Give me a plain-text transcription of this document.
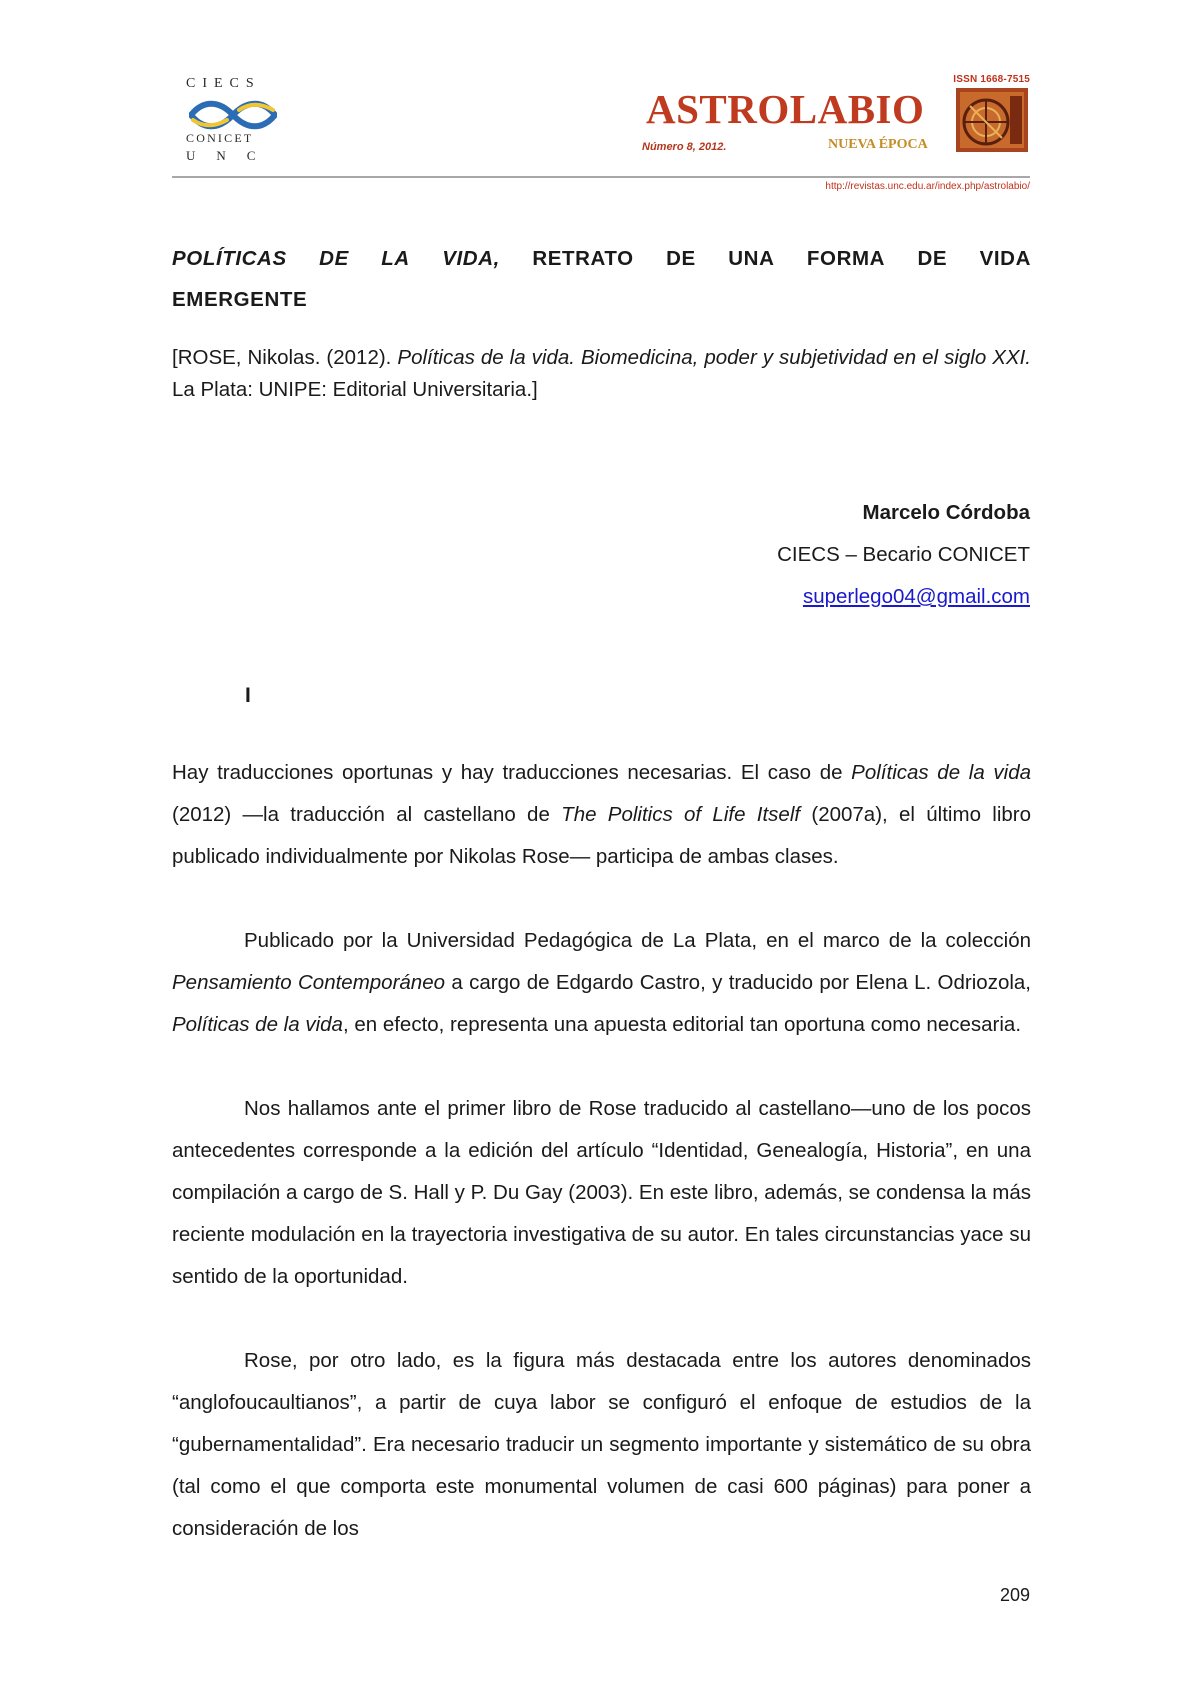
CIECS
CONICET
UNC
ISSN 1668-7515
ASTROLABIO
Número 8, 2012.	NUEVA ÉPOCA
http://revistas.unc.edu.ar/index.php/astrolabio/
POLÍTICAS DE LA VIDA, RETRATO DE UNA FORMA DE VIDA
EMERGENTE
[ROSE, Nikolas. (2012). Políticas de la vida. Biomedicina, poder y subjetividad en el siglo XXI. La Plata: UNIPE: Editorial Universitaria.]
Marcelo Córdoba
CIECS – Becario CONICET
superlego04@gmail.com
I
Hay traducciones oportunas y hay traducciones necesarias. El caso de Políticas de la vida (2012) —la traducción al castellano de The Politics of Life Itself (2007a), el último libro publicado individualmente por Nikolas Rose— participa de ambas clases.
Publicado por la Universidad Pedagógica de La Plata, en el marco de la colección Pensamiento Contemporáneo a cargo de Edgardo Castro, y traducido por Elena L. Odriozola, Políticas de la vida, en efecto, representa una apuesta editorial tan oportuna como necesaria.
Nos hallamos ante el primer libro de Rose traducido al castellano—uno de los pocos antecedentes corresponde a la edición del artículo “Identidad, Genealogía, Historia”, en una compilación a cargo de S. Hall y P. Du Gay (2003). En este libro, además, se condensa la más reciente modulación en la trayectoria investigativa de su autor. En tales circunstancias yace su sentido de la oportunidad.
Rose, por otro lado, es la figura más destacada entre los autores denominados “anglofoucaultianos”, a partir de cuya labor se configuró el enfoque de estudios de la “gubernamentalidad”. Era necesario traducir un segmento importante y sistemático de su obra (tal como el que comporta este monumental volumen de casi 600 páginas) para poner a consideración de los
209
